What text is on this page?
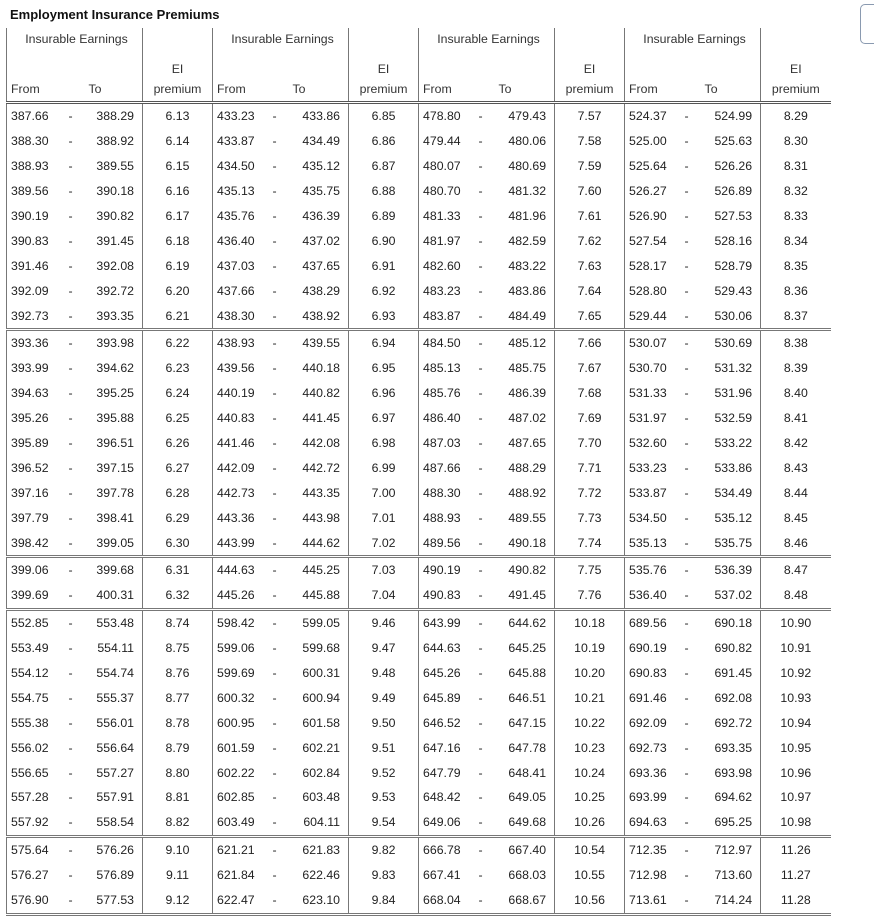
Employment Insurance Premiums
Insurable Earnings			EI	Insurable Earnings			EI	Insurable Earnings			EI	Insurable Earnings			EI

From		To	premium	From		To	premium	From		To	premium	From		To	premium
387.66	-	388.29	6.13	433.23	-	433.86	6.85	478.80	-	479.43	7.57	524.37	-	524.99	8.29
388.30	-	388.92	6.14	433.87	-	434.49	6.86	479.44	-	480.06	7.58	525.00	-	525.63	8.30
388.93	-	389.55	6.15	434.50	-	435.12	6.87	480.07	-	480.69	7.59	525.64	-	526.26	8.31
389.56	-	390.18	6.16	435.13	-	435.75	6.88	480.70	-	481.32	7.60	526.27	-	526.89	8.32
390.19	-	390.82	6.17	435.76	-	436.39	6.89	481.33	-	481.96	7.61	526.90	-	527.53	8.33
390.83	-	391.45	6.18	436.40	-	437.02	6.90	481.97	-	482.59	7.62	527.54	-	528.16	8.34
391.46	-	392.08	6.19	437.03	-	437.65	6.91	482.60	-	483.22	7.63	528.17	-	528.79	8.35
392.09	-	392.72	6.20	437.66	-	438.29	6.92	483.23	-	483.86	7.64	528.80	-	529.43	8.36
392.73	-	393.35	6.21	438.30	-	438.92	6.93	483.87	-	484.49	7.65	529.44	-	530.06	8.37
393.36	-	393.98	6.22	438.93	-	439.55	6.94	484.50	-	485.12	7.66	530.07	-	530.69	8.38
393.99	-	394.62	6.23	439.56	-	440.18	6.95	485.13	-	485.75	7.67	530.70	-	531.32	8.39
394.63	-	395.25	6.24	440.19	-	440.82	6.96	485.76	-	486.39	7.68	531.33	-	531.96	8.40
395.26	-	395.88	6.25	440.83	-	441.45	6.97	486.40	-	487.02	7.69	531.97	-	532.59	8.41
395.89	-	396.51	6.26	441.46	-	442.08	6.98	487.03	-	487.65	7.70	532.60	-	533.22	8.42
396.52	-	397.15	6.27	442.09	-	442.72	6.99	487.66	-	488.29	7.71	533.23	-	533.86	8.43
397.16	-	397.78	6.28	442.73	-	443.35	7.00	488.30	-	488.92	7.72	533.87	-	534.49	8.44
397.79	-	398.41	6.29	443.36	-	443.98	7.01	488.93	-	489.55	7.73	534.50	-	535.12	8.45
398.42	-	399.05	6.30	443.99	-	444.62	7.02	489.56	-	490.18	7.74	535.13	-	535.75	8.46
399.06	-	399.68	6.31	444.63	-	445.25	7.03	490.19	-	490.82	7.75	535.76	-	536.39	8.47
399.69	-	400.31	6.32	445.26	-	445.88	7.04	490.83	-	491.45	7.76	536.40	-	537.02	8.48
552.85	-	553.48	8.74	598.42	-	599.05	9.46	643.99	-	644.62	10.18	689.56	-	690.18	10.90
553.49	-	554.11	8.75	599.06	-	599.68	9.47	644.63	-	645.25	10.19	690.19	-	690.82	10.91
554.12	-	554.74	8.76	599.69	-	600.31	9.48	645.26	-	645.88	10.20	690.83	-	691.45	10.92
554.75	-	555.37	8.77	600.32	-	600.94	9.49	645.89	-	646.51	10.21	691.46	-	692.08	10.93
555.38	-	556.01	8.78	600.95	-	601.58	9.50	646.52	-	647.15	10.22	692.09	-	692.72	10.94
556.02	-	556.64	8.79	601.59	-	602.21	9.51	647.16	-	647.78	10.23	692.73	-	693.35	10.95
556.65	-	557.27	8.80	602.22	-	602.84	9.52	647.79	-	648.41	10.24	693.36	-	693.98	10.96
557.28	-	557.91	8.81	602.85	-	603.48	9.53	648.42	-	649.05	10.25	693.99	-	694.62	10.97
557.92	-	558.54	8.82	603.49	-	604.11	9.54	649.06	-	649.68	10.26	694.63	-	695.25	10.98
575.64	-	576.26	9.10	621.21	-	621.83	9.82	666.78	-	667.40	10.54	712.35	-	712.97	11.26
576.27	-	576.89	9.11	621.84	-	622.46	9.83	667.41	-	668.03	10.55	712.98	-	713.60	11.27
576.90	-	577.53	9.12	622.47	-	623.10	9.84	668.04	-	668.67	10.56	713.61	-	714.24	11.28
